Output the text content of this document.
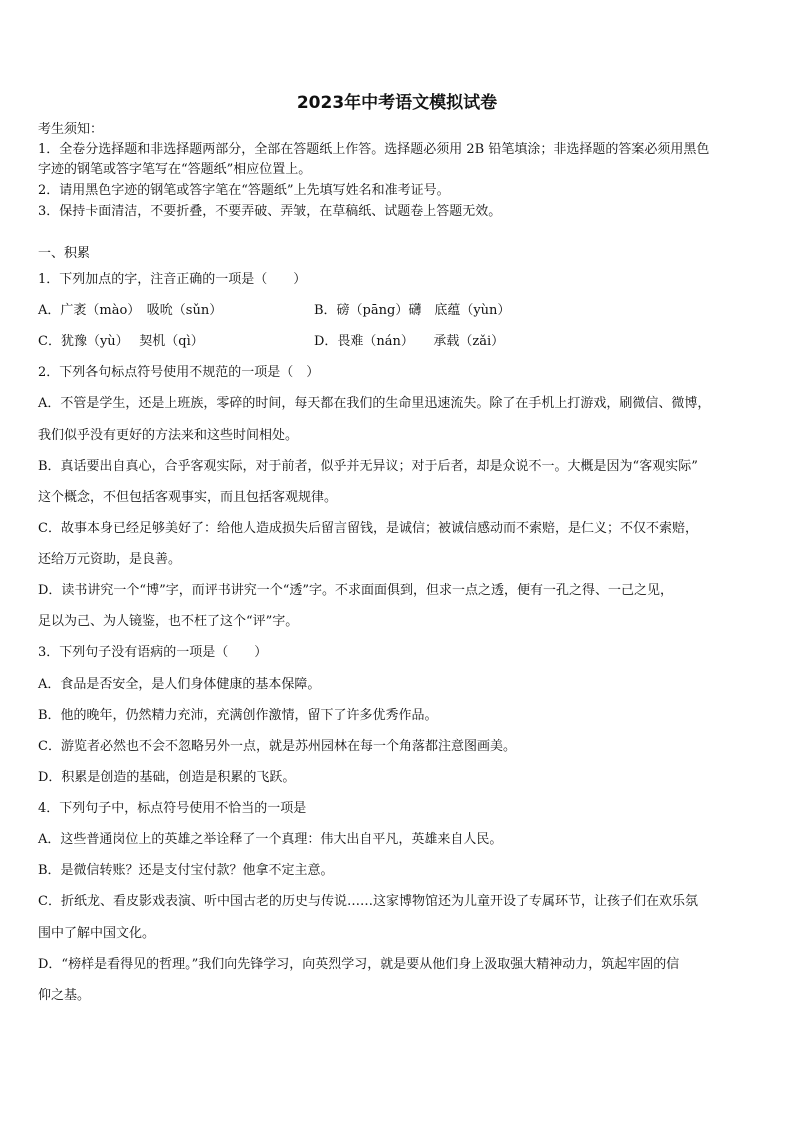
2023年中考语文模拟试卷
考生须知：
1．全卷分选择题和非选择题两部分，全部在答题纸上作答。选择题必须用 2B 铅笔填涂；非选择题的答案必须用黑色
字迹的钢笔或答字笔写在“答题纸”相应位置上。
2．请用黑色字迹的钢笔或答字笔在“答题纸”上先填写姓名和准考证号。
3．保持卡面清洁，不要折叠，不要弄破、弄皱，在草稿纸、试题卷上答题无效。
一、积累
1．下列加点的字，注音正确的一项是（　　）
A．广袤（mào）　吸吮（sǔn）	B．磅（pāng）礴　底蕴（yùn）
C．犹豫（yù）　 契机（qì）	D．畏难（nán）　　承载（zǎi）
2．下列各句标点符号使用不规范的一项是（　）
A．不管是学生，还是上班族，零碎的时间，每天都在我们的生命里迅速流失。除了在手机上打游戏，刷微信、微博，
我们似乎没有更好的方法来和这些时间相处。
B．真话要出自真心，合乎客观实际，对于前者，似乎并无异议；对于后者，却是众说不一。大概是因为“客观实际”
这个概念，不但包括客观事实，而且包括客观规律。
C．故事本身已经足够美好了：给他人造成损失后留言留钱，是诚信；被诚信感动而不索赔，是仁义；不仅不索赔，
还给万元资助，是良善。
D．读书讲究一个“博”字，而评书讲究一个“透”字。不求面面俱到，但求一点之透，便有一孔之得、一己之见，
足以为己、为人镜鉴，也不枉了这个“评”字。
3．下列句子没有语病的一项是（　　）
A．食品是否安全，是人们身体健康的基本保障。
B．他的晚年，仍然精力充沛，充满创作激情，留下了许多优秀作品。
C．游览者必然也不会不忽略另外一点，就是苏州园林在每一个角落都注意图画美。
D．积累是创造的基础，创造是积累的飞跃。
4．下列句子中，标点符号使用不恰当的一项是
A．这些普通岗位上的英雄之举诠释了一个真理：伟大出自平凡，英雄来自人民。
B．是微信转账？还是支付宝付款？他拿不定主意。
C．折纸龙、看皮影戏表演、听中国古老的历史与传说……这家博物馆还为儿童开设了专属环节，让孩子们在欢乐氛
围中了解中国文化。
D．“榜样是看得见的哲理。”我们向先锋学习，向英烈学习，就是要从他们身上汲取强大精神动力，筑起牢固的信
仰之基。
